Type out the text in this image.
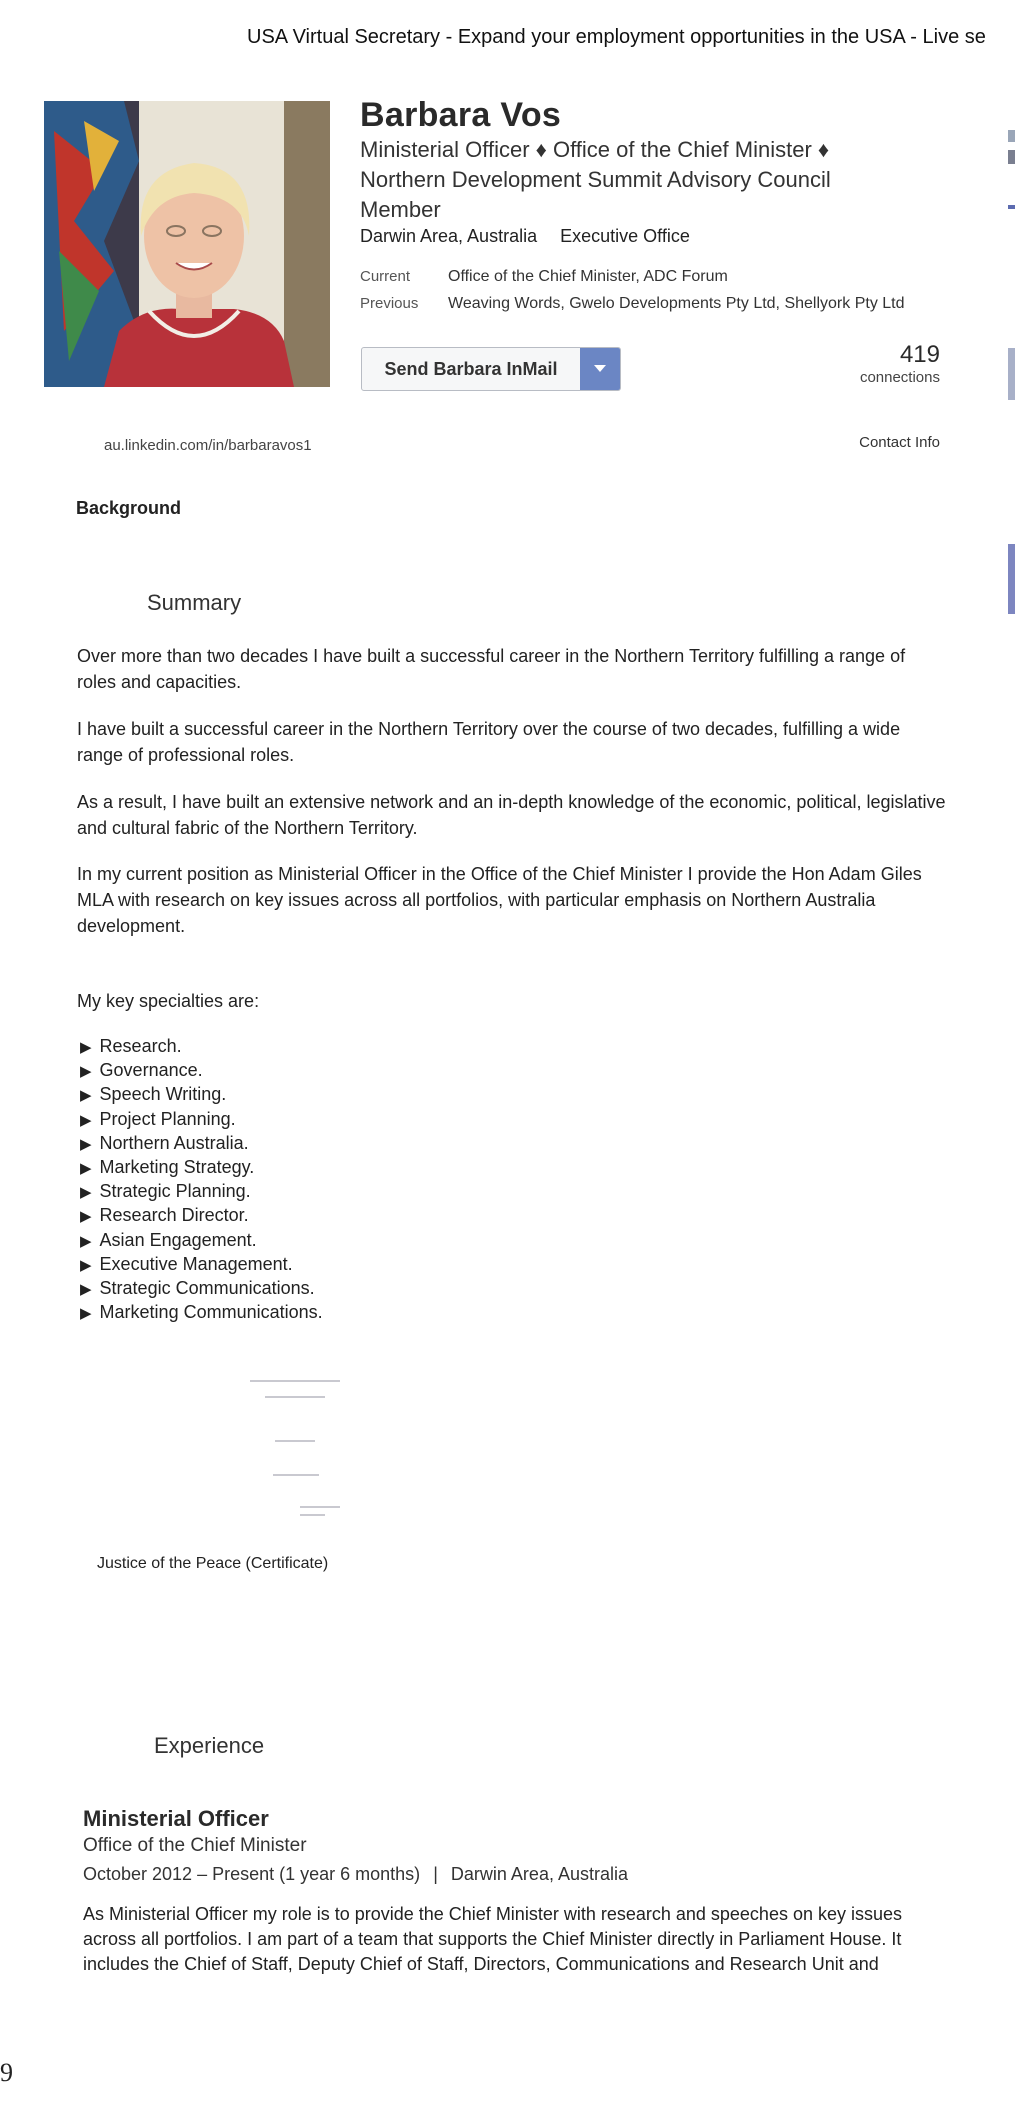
USA Virtual Secretary - Expand your employment opportunities in the USA - Live se
Barbara Vos
Ministerial Officer ♦ Office of the Chief Minister ♦ Northern Development Summit Advisory Council Member
Darwin Area, Australia Executive Office
Current Office of the Chief Minister, ADC Forum
Previous Weaving Words, Gwelo Developments Pty Ltd, Shellyork Pty Ltd
Send Barbara InMail
419
connections
au.linkedin.com/in/barbaravos1	Contact Info
Background
Summary
Over more than two decades I have built a successful career in the Northern Territory fulfilling a range of roles and capacities.
I have built a successful career in the Northern Territory over the course of two decades, fulfilling a wide range of professional roles.
As a result, I have built an extensive network and an in-depth knowledge of the economic, political, legislative and cultural fabric of the Northern Territory.
In my current position as Ministerial Officer in the Office of the Chief Minister I provide the Hon Adam Giles MLA with research on key issues across all portfolios, with particular emphasis on Northern Australia development.
My key specialties are:
▶ Research.
▶ Governance.
▶ Speech Writing.
▶ Project Planning.
▶ Northern Australia.
▶ Marketing Strategy.
▶ Strategic Planning.
▶ Research Director.
▶ Asian Engagement.
▶ Executive Management.
▶ Strategic Communications.
▶ Marketing Communications.
Justice of the Peace (Certificate)
Experience
Ministerial Officer
Office of the Chief Minister
October 2012 – Present (1 year 6 months) | Darwin Area, Australia
As Ministerial Officer my role is to provide the Chief Minister with research and speeches on key issues across all portfolios. I am part of a team that supports the Chief Minister directly in Parliament House. It includes the Chief of Staff, Deputy Chief of Staff, Directors, Communications and Research Unit and
9
